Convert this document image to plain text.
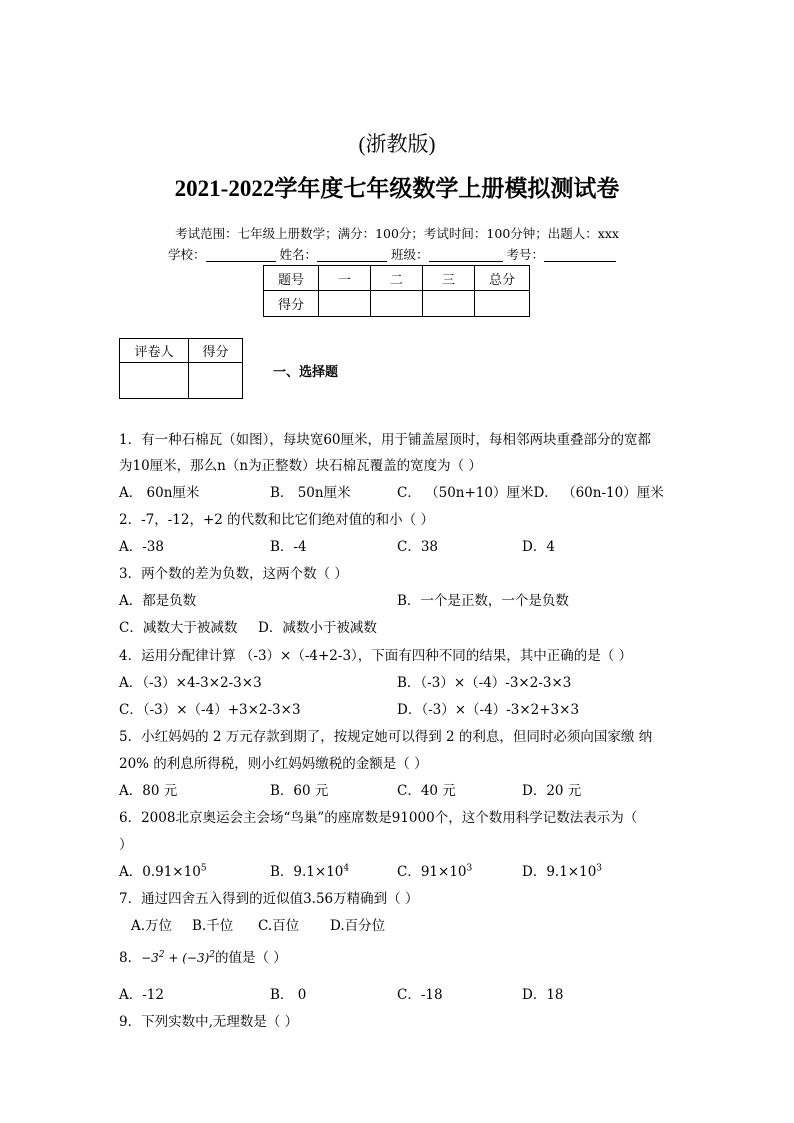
(浙教版)
2021-2022学年度七年级数学上册模拟测试卷
考试范围：七年级上册数学；满分：100分；考试时间：100分钟；出题人：xxx
学校：	姓名：	班级：	考号：
题号	一	二	三	总分
得分				
评卷人	得分

一、选择题
1．有一种石棉瓦（如图），每块宽60厘米，用于铺盖屋顶时，每相邻两块重叠部分的宽都
为10厘米，那么n（n为正整数）块石棉瓦覆盖的宽度为（ ）
A． 60n厘米	B． 50n厘米	C． （50n+10）厘米D． （60n-10）厘米
2．-7，-12，+2 的代数和比它们绝对值的和小（ ）
A．-38	B．-4	C．38	D．4
3．两个数的差为负数，这两个数（ ）
A．都是负数	B．一个是正数，一个是负数
C．减数大于被减数 D．减数小于被减数
4．运用分配律计算 （-3）×（-4+2-3），下面有四种不同的结果，其中正确的是（ ）
A．（-3）×4-3×2-3×3	B．（-3）×（-4）-3×2-3×3
C．（-3）×（-4）+3×2-3×3	D．（-3）×（-4）-3×2+3×3
5．小红妈妈的 2 万元存款到期了，按规定她可以得到 2 的利息，但同时必须向国家缴 纳
20% 的利息所得税，则小红妈妈缴税的金额是（ ）
A．80 元	B．60 元	C．40 元	D．20 元
6．2008北京奥运会主会场“鸟巢”的座席数是91000个，这个数用科学记数法表示为（
）
A．$0.91\times 10^5$	B．$9.1\times 10^4$	C．$91\times 10^3$	D．$9.1\times 10^3$
7．通过四舍五入得到的近似值3.56万精确到（ ）
A.万位 B.千位 C.百位 D.百分位
8．$-3^2 + (-3)^2$的值是（ ）
A．-12	B． 0	C．-18	D．18
9．下列实数中,无理数是（ ）
